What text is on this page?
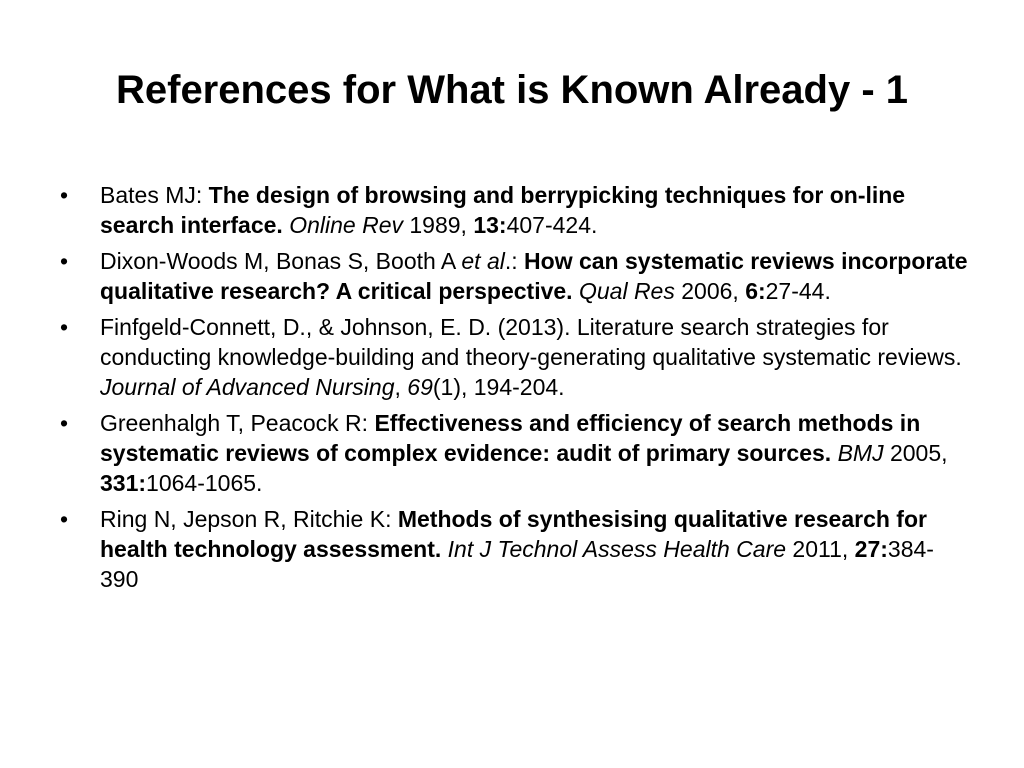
References for What is Known Already - 1
•	Bates MJ: The design of browsing and berrypicking techniques for on-line search interface. Online Rev 1989, 13:407-424.
•	Dixon-Woods M, Bonas S, Booth A et al.: How can systematic reviews incorporate qualitative research? A critical perspective. Qual Res 2006, 6:27-44.
•	Finfgeld-Connett, D., & Johnson, E. D. (2013). Literature search strategies for conducting knowledge-building and theory-generating qualitative systematic reviews. Journal of Advanced Nursing, 69(1), 194-204.
•	Greenhalgh T, Peacock R: Effectiveness and efficiency of search methods in systematic reviews of complex evidence: audit of primary sources. BMJ 2005, 331:1064-1065.
•	Ring N, Jepson R, Ritchie K: Methods of synthesising qualitative research for health technology assessment. Int J Technol Assess Health Care 2011, 27:384-390
